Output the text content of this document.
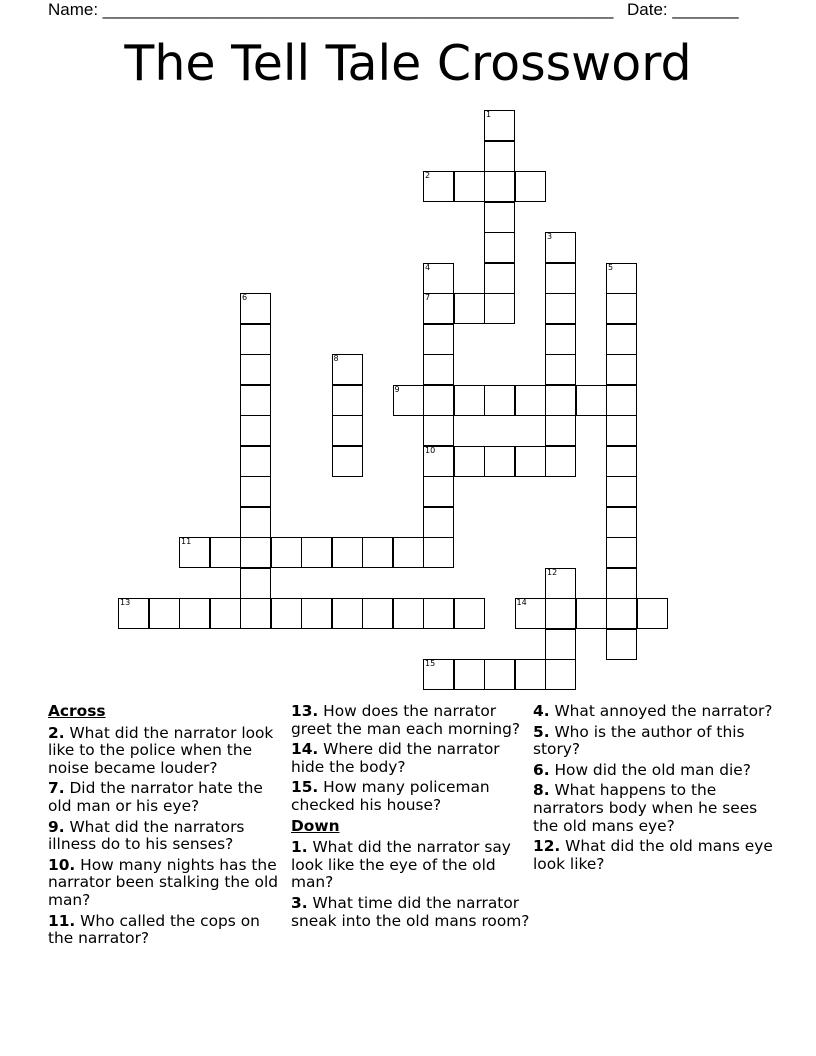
Name: ______________________________________________________ Date: _______
The Tell Tale Crossword
1
2
3
4
7
10
5
6
8
9
11
12
13	14
15
Across
2. What did the narrator look like to the police when the noise became louder?
7. Did the narrator hate the old man or his eye?
9. What did the narrators illness do to his senses?
10. How many nights has the narrator been stalking the old man?
11. Who called the cops on the narrator?
13. How does the narrator greet the man each morning?
14. Where did the narrator hide the body?
15. How many policeman checked his house?
Down
1. What did the narrator say look like the eye of the old man?
3. What time did the narrator sneak into the old mans room?
4. What annoyed the narrator?
5. Who is the author of this story?
6. How did the old man die?
8. What happens to the narrators body when he sees the old mans eye?
12. What did the old mans eye look like?
